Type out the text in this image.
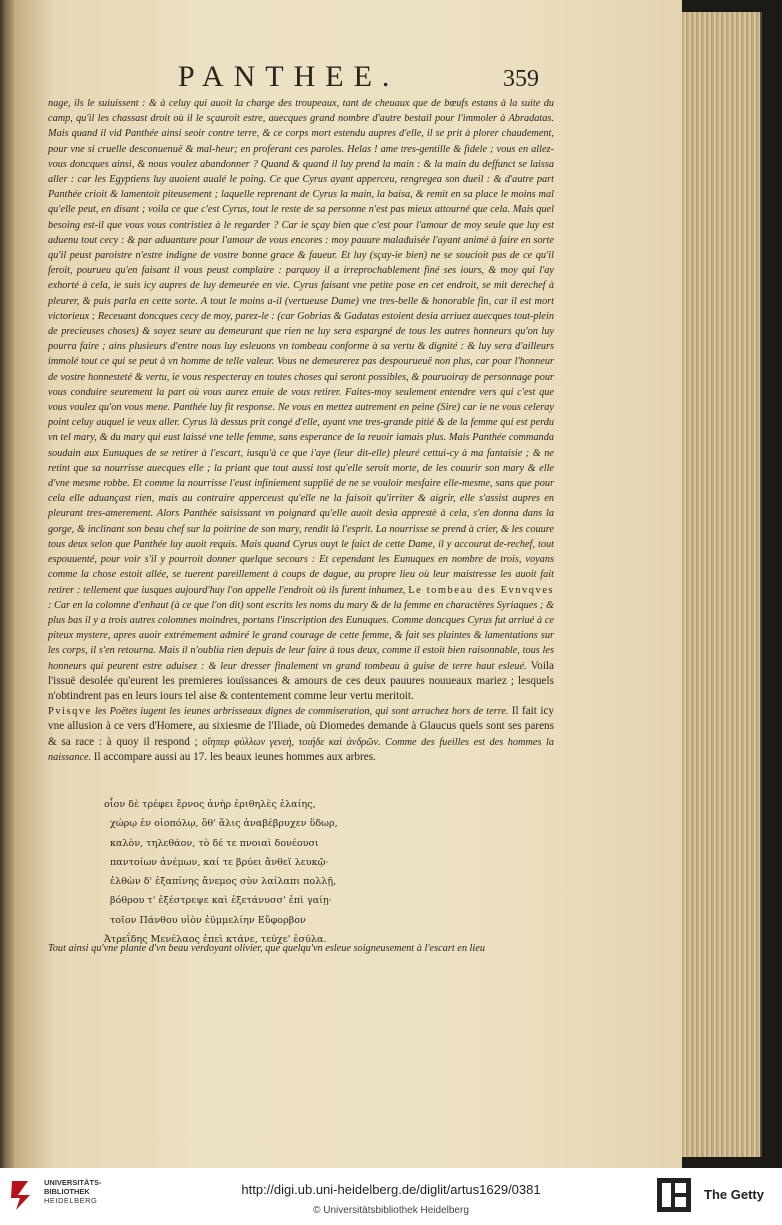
PANTHEE.	359
nage, ils le suiuissent : & à celuy qui auoit la charge des troupeaux, tant de cheuaux que de bœufs estans à la suite du camp, qu'il les chassast droit où il le sçauroit estre, auecques grand nombre d'autre bestail pour l'immoler à Abradatas. Mais quand il vid Panthée ainsi seoir contre terre, & ce corps mort estendu aupres d'elle, il se prit à plorer chaudement, pour vne si cruelle desconuenuë & mal-heur; en proferant ces paroles. Helas ! ame tres-gentille & fidele ; vous en allez-vous doncques ainsi, & nous voulez abandonner ? Quand & quand il luy prend la main : & la main du deffunct se laissa aller : car les Egyptiens luy auoient aualé le poing. Ce que Cyrus ayant apperceu, rengregea son dueil : & d'autre part Panthée crioit & lamentoit piteusement ; laquelle reprenant de Cyrus la main, la baisa, & remit en sa place le moins mal qu'elle peut, en disant ; voila ce que c'est Cyrus, tout le reste de sa personne n'est pas mieux attourné que cela. Mais quel besoing est-il que vous vous contristiez à le regarder ? Car ie sçay bien que c'est pour l'amour de moy seule que luy est aduenu tout cecy : & par aduanture pour l'amour de vous encores : moy pauure maladuisée l'ayant animé à faire en sorte qu'il peust paroistre n'estre indigne de vostre bonne grace & faueur. Et luy (sçay-ie bien) ne se soucioit pas de ce qu'il feroit, pourueu qu'en faisant il vous peust complaire : parquoy il a irreprochablement finé ses iours, & moy qui l'ay exhorté à cela, ie suis icy aupres de luy demeurée en vie. Cyrus faisant vne petite pose en cet endroit, se mit derechef à pleurer, & puis parla en cette sorte. A tout le moins a-il (vertueuse Dame) vne tres-belle & honorable fin, car il est mort victorieux ; Receuant doncques cecy de moy, parez-le : (car Gobrias & Gadatas estoient desia arriuez auecques tout-plein de precieuses choses) & soyez seure au demeurant que rien ne luy sera espargné de tous les autres honneurs qu'on luy pourra faire ; ains plusieurs d'entre nous luy esleuons vn tombeau conforme à sa vertu & dignité : & luy sera d'ailleurs immolé tout ce qui se peut à vn homme de telle valeur. Vous ne demeurerez pas despourueuë non plus, car pour l'honneur de vostre honnesteté & vertu, ie vous respecteray en toutes choses qui seront possibles, & pouruoiray de personnage pour vous conduire seurement la part où vous aurez enuie de vous retirer. Faites-moy seulement entendre vers qui c'est que vous voulez qu'on vous mene. Panthée luy fit response. Ne vous en mettez autrement en peine (Sire) car ie ne vous celeray point celuy auquel ie veux aller. Cyrus là dessus prit congé d'elle, ayant vne tres-grande pitié & de la femme qui est perdu vn tel mary, & du mary qui eust laissé vne telle femme, sans esperance de la reuoir iamais plus. Mais Panthée commanda soudain aux Eunuques de se retirer à l'escart, iusqu'à ce que i'aye (leur dit-elle) pleuré cettui-cy à ma fantaisie ; & ne retint que sa nourrisse auecques elle ; la priant que tout aussi tost qu'elle seroit morte, de les couurir son mary & elle d'vne mesme robbe. Et comme la nourrisse l'eust infiniement supplié de ne se vouloir mesfaire elle-mesme, sans que pour cela elle aduançast rien, mais au contraire apperceust qu'elle ne la faisoit qu'irriter & aigrir, elle s'assist aupres en pleurant tres-amerement. Alors Panthée saisissant vn poignard qu'elle auoit desia apprestè à cela, s'en donna dans la gorge, & inclinant son beau chef sur la poitrine de son mary, rendit là l'esprit. La nourrisse se prend à crier, & les couure tous deux selon que Panthée luy auoit requis. Mais quand Cyrus ouyt le faict de cette Dame, il y accourut de-rechef, tout espouuenté, pour voir s'il y pourroit donner quelque secours : Et cependant les Eunuques en nombre de trois, voyans comme la chose estoit allée, se tuerent pareillement à coups de dague, au propre lieu où leur maistresse les auoit fait retirer : tellement que iusques aujourd'huy l'on appelle l'endroit où ils furent inhumez, Le tombeau des Evnvqves : Car en la colomne d'enhaut (à ce que l'on dit) sont escrits les noms du mary & de la femme en charactères Syriaques ; & plus bas il y a trois autres colomnes moindres, portans l'inscription des Eunuques. Comme doncques Cyrus fut arriué à ce piteux mystere, apres auoir extrémement admiré le grand courage de cette femme, & fait ses plaintes & lamentations sur les corps, il s'en retourna. Mais il n'oublia rien depuis de leur faire à tous deux, comme il estoit bien raisonnable, tous les honneurs qui peurent estre aduisez : & leur dresser finalement vn grand tombeau à guise de terre haut esleué. Voila l'issuë desolée qu'eurent les premieres iouïssances & amours de ces deux pauures nouueaux mariez ; lesquels n'obtindrent pas en leurs iours tel aise & contentement comme leur vertu meritoit.
Pvisqve les Poëtes iugent les ieunes arbrisseaux dignes de commiseration, qui sont arrachez hors de terre. Il fait icy vne allusion à ce vers d'Homere, au sixiesme de l'Iliade, où Diomedes demande à Glaucus quels sont ses parens & sa race : à quoy il respond ; οἵηπερ φύλλων γενεὴ, τοιήδε καὶ ἀνδρῶν. Comme des fueilles est des hommes la naissance. Il accompare aussi au 17. les beaux ieunes hommes aux arbres.
οἷον δὲ τρέφει ἔρνος ἀνὴρ ἐριθηλὲς ἐλαίης,
χώρῳ ἐν οἰοπόλῳ, ὅθ' ἅλις ἀναβέβρυχεν ὕδωρ,
καλὸν, τηλεθάον, τὸ δέ τε πνοιαὶ δονέουσι
παντοίων ἀνέμων, καί τε βρύει ἄνθεϊ λευκῷ·
ἐλθὼν δ' ἐξαπίνης ἄνεμος σὺν λαίλαπι πολλῇ,
βόθρου τ' ἐξέστρεψε καὶ ἐξετάνυσσ' ἐπὶ γαίῃ·
τοῖον Πάνθου υἱὸν ἐϋμμελίην Εὔφορβον
Ἀτρεΐδης Μενέλαος ἐπεὶ κτάνε, τεύχε' ἐσύλα.
Tout ainsi qu'vne plante d'vn beau verdoyant olivier, que quelqu'vn esleue soigneusement à l'escart en lieu
UNIVERSITÄTS-
BIBLIOTHEK
HEIDELBERG
http://digi.ub.uni-heidelberg.de/diglit/artus1629/0381
© Universitätsbibliothek Heidelberg
The Getty
